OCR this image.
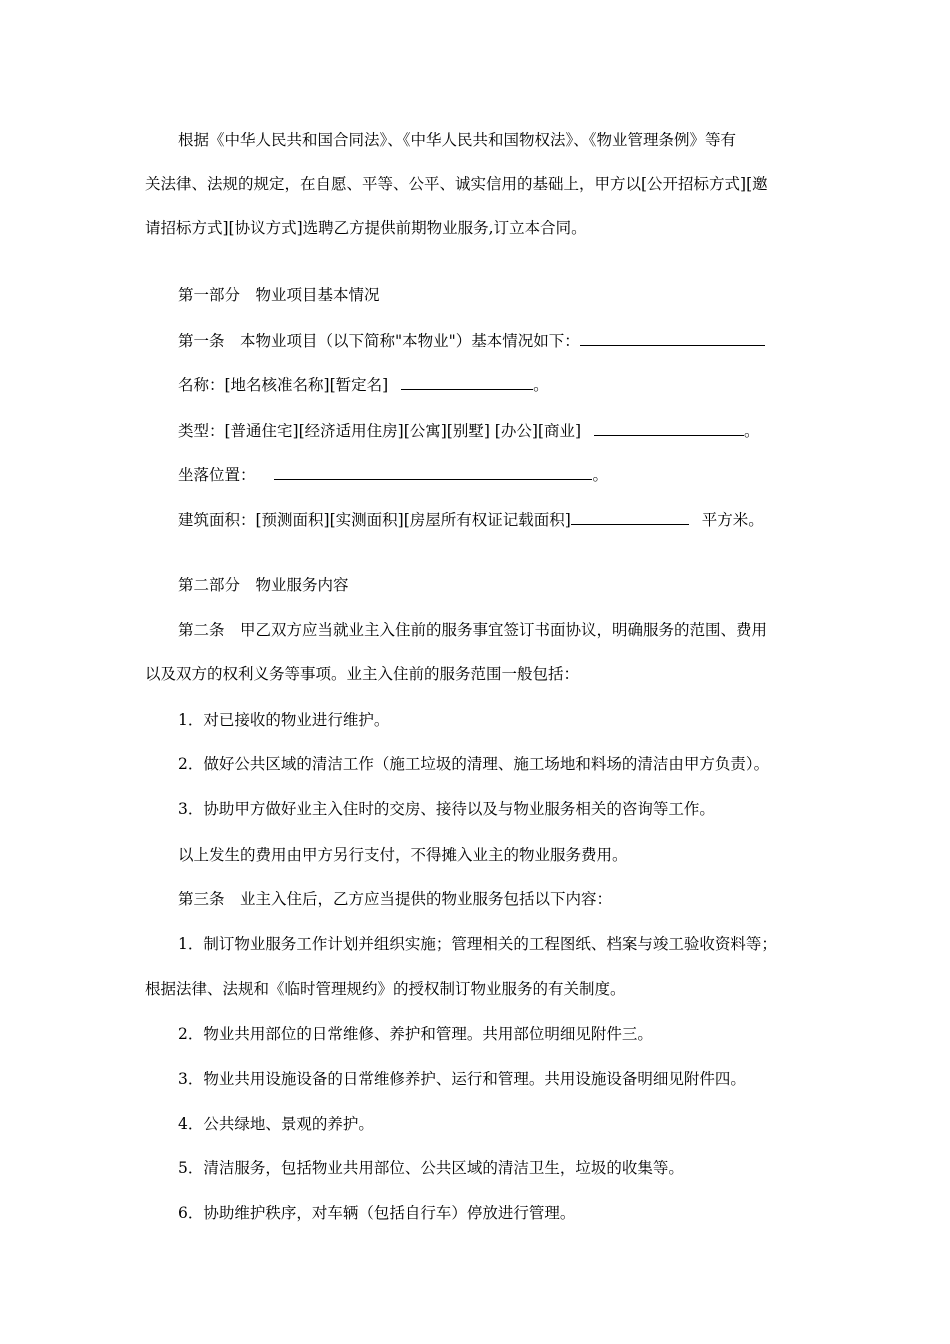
根据《中华人民共和国合同法》、《中华人民共和国物权法》、《物业管理条例》等有
关法律、法规的规定，在自愿、平等、公平、诚实信用的基础上，甲方以[公开招标方式][邀
请招标方式][协议方式]选聘乙方提供前期物业服务,订立本合同。
第一部分　物业项目基本情况
第一条　本物业项目（以下简称"本物业"）基本情况如下：
名称：[地名核准名称][暂定名]	。
类型：[普通住宅][经济适用住房][公寓][别墅] [办公][商业]	。
坐落位置：	。
建筑面积：[预测面积][实测面积][房屋所有权证记载面积]	平方米。
第二部分　物业服务内容
第二条　甲乙双方应当就业主入住前的服务事宜签订书面协议，明确服务的范围、费用
以及双方的权利义务等事项。业主入住前的服务范围一般包括：
1．对已接收的物业进行维护。
2．做好公共区域的清洁工作（施工垃圾的清理、施工场地和料场的清洁由甲方负责）。
3．协助甲方做好业主入住时的交房、接待以及与物业服务相关的咨询等工作。
以上发生的费用由甲方另行支付，不得摊入业主的物业服务费用。
第三条　业主入住后，乙方应当提供的物业服务包括以下内容：
1．制订物业服务工作计划并组织实施；管理相关的工程图纸、档案与竣工验收资料等；
根据法律、法规和《临时管理规约》的授权制订物业服务的有关制度。
2．物业共用部位的日常维修、养护和管理。共用部位明细见附件三。
3．物业共用设施设备的日常维修养护、运行和管理。共用设施设备明细见附件四。
4．公共绿地、景观的养护。
5．清洁服务，包括物业共用部位、公共区域的清洁卫生，垃圾的收集等。
6．协助维护秩序，对车辆（包括自行车）停放进行管理。
